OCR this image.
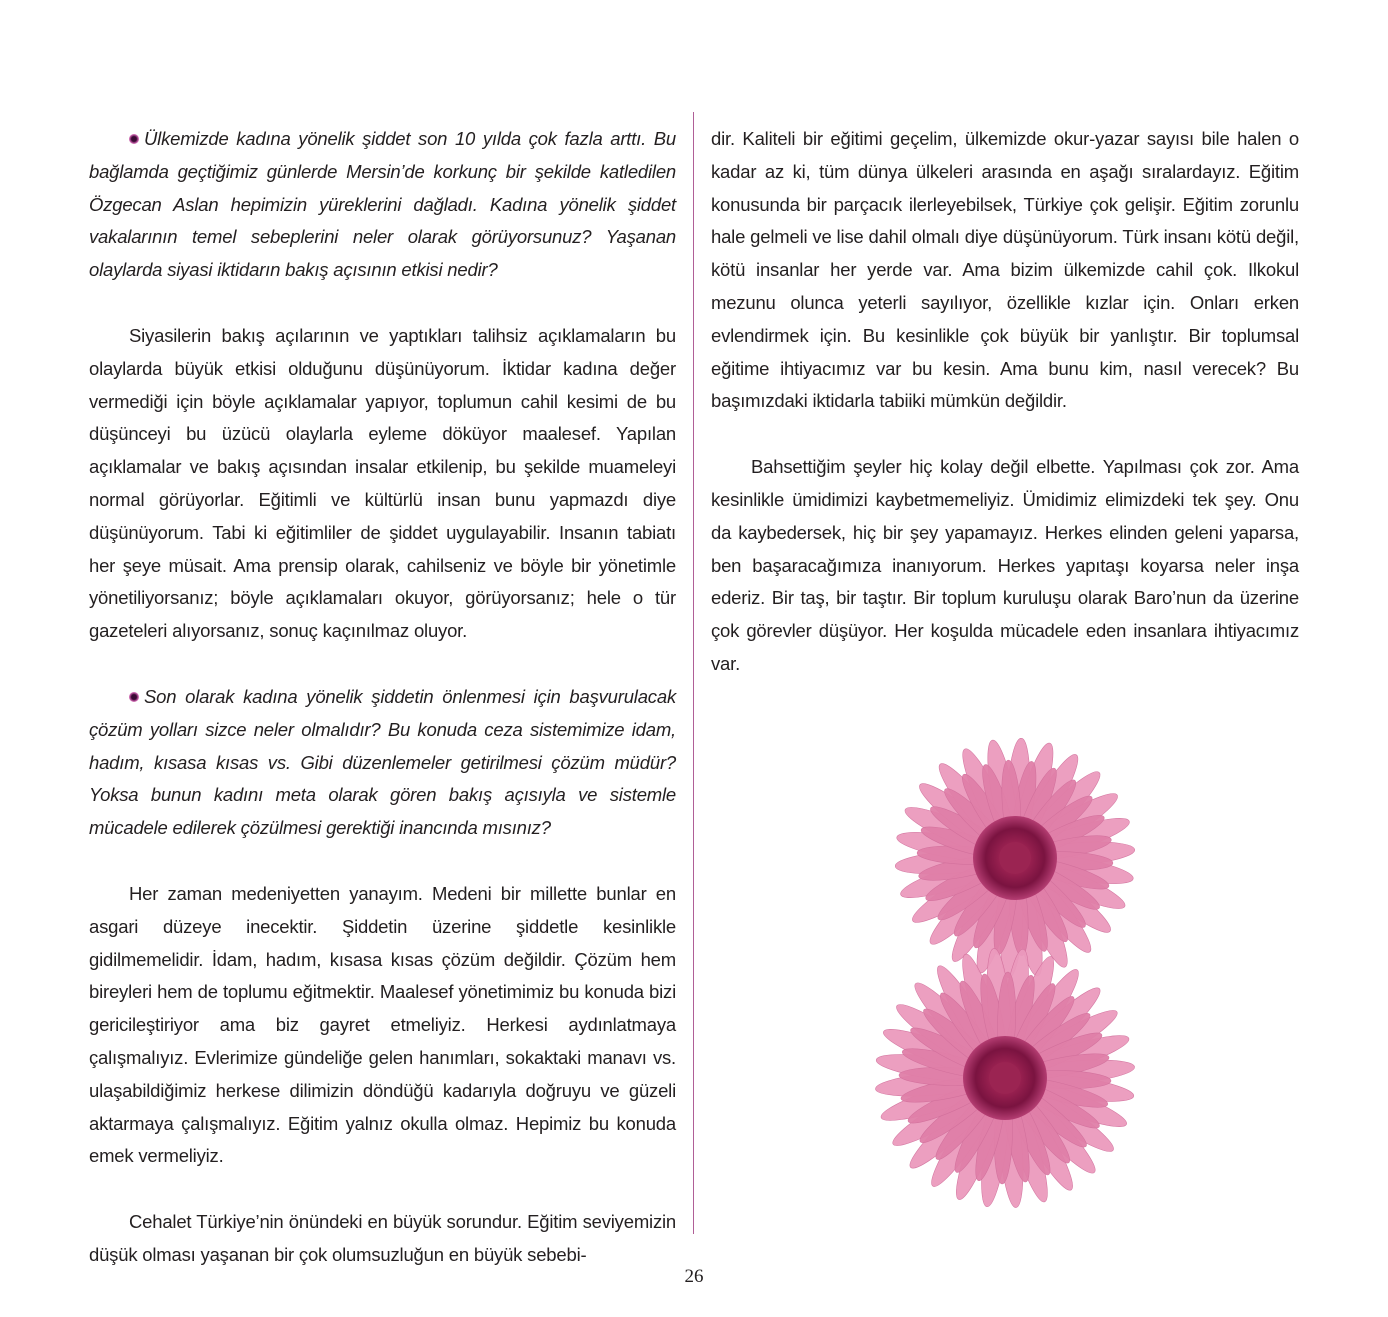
Ülkemizde kadına yönelik şiddet son 10 yılda çok fazla arttı. Bu bağlamda geçtiğimiz günlerde Mersin’de korkunç bir şekilde katledilen Özgecan Aslan hepimizin yüreklerini dağladı. Kadına yönelik şiddet vakalarının temel sebeplerini neler olarak görüyorsunuz? Yaşanan olaylarda siyasi iktidarın bakış açısının etkisi nedir?

Siyasilerin bakış açılarının ve yaptıkları talihsiz açıklamaların bu olaylarda büyük etkisi olduğunu düşünüyorum. İktidar kadına değer vermediği için böyle açıklamalar yapıyor, toplumun cahil kesimi de bu düşünceyi bu üzücü olaylarla eyleme döküyor maalesef. Yapılan açıklamalar ve bakış açısından insalar etkilenip, bu şekilde muameleyi normal görüyorlar. Eğitimli ve kültürlü insan bunu yapmazdı diye düşünüyorum. Tabi ki eğitimliler de şiddet uygulayabilir. Insanın tabiatı her şeye müsait. Ama prensip olarak, cahilseniz ve böyle bir yönetimle yönetiliyorsanız; böyle açıklamaları okuyor, görüyorsanız; hele o tür gazeteleri alıyorsanız, sonuç kaçınılmaz oluyor.

Son olarak kadına yönelik şiddetin önlenmesi için başvurulacak çözüm yolları sizce neler olmalıdır? Bu konuda ceza sistemimize idam, hadım, kısasa kısas vs. Gibi düzenlemeler getirilmesi çözüm müdür? Yoksa bunun kadını meta olarak gören bakış açısıyla ve sistemle mücadele edilerek çözülmesi gerektiği inancında mısınız?

Her zaman medeniyetten yanayım. Medeni bir millette bunlar en asgari düzeye inecektir. Şiddetin üzerine şiddetle kesinlikle gidilmemelidir. İdam, hadım, kısasa kısas çözüm değildir. Çözüm hem bireyleri hem de toplumu eğitmektir. Maalesef yönetimimiz bu konuda bizi gericileştiriyor ama biz gayret etmeliyiz. Herkesi aydınlatmaya çalışmalıyız. Evlerimize gündeliğe gelen hanımları, sokaktaki manavı vs. ulaşabildiğimiz herkese dilimizin döndüğü kadarıyla doğruyu ve güzeli aktarmaya çalışmalıyız. Eğitim yalnız okulla olmaz. Hepimiz bu konuda emek vermeliyiz.

Cehalet Türkiye’nin önündeki en büyük sorundur. Eğitim seviyemizin düşük olması yaşanan bir çok olumsuzluğun en büyük sebebi-

dir. Kaliteli bir eğitimi geçelim, ülkemizde okur-yazar sayısı bile halen o kadar az ki, tüm dünya ülkeleri arasında en aşağı sıralardayız. Eğitim konusunda bir parçacık ilerleyebilsek, Türkiye çok gelişir. Eğitim zorunlu hale gelmeli ve lise dahil olmalı diye düşünüyorum. Türk insanı kötü değil, kötü insanlar her yerde var. Ama bizim ülkemizde cahil çok. Ilkokul mezunu olunca yeterli sayılıyor, özellikle kızlar için. Onları erken evlendirmek için. Bu kesinlikle çok büyük bir yanlıştır. Bir toplumsal eğitime ihtiyacımız var bu kesin. Ama bunu kim, nasıl verecek? Bu başımızdaki iktidarla tabiiki mümkün değildir.

Bahsettiğim şeyler hiç kolay değil elbette. Yapılması çok zor. Ama kesinlikle ümidimizi kaybetmemeliyiz. Ümidimiz elimizdeki tek şey. Onu da kaybedersek, hiç bir şey yapamayız. Herkes elinden geleni yaparsa, ben başaracağımıza inanıyorum. Herkes yapıtaşı koyarsa neler inşa ederiz. Bir taş, bir taştır. Bir toplum kuruluşu olarak Baro’nun da üzerine çok görevler düşüyor. Her koşulda mücadele eden insanlara ihtiyacımız var.

26
